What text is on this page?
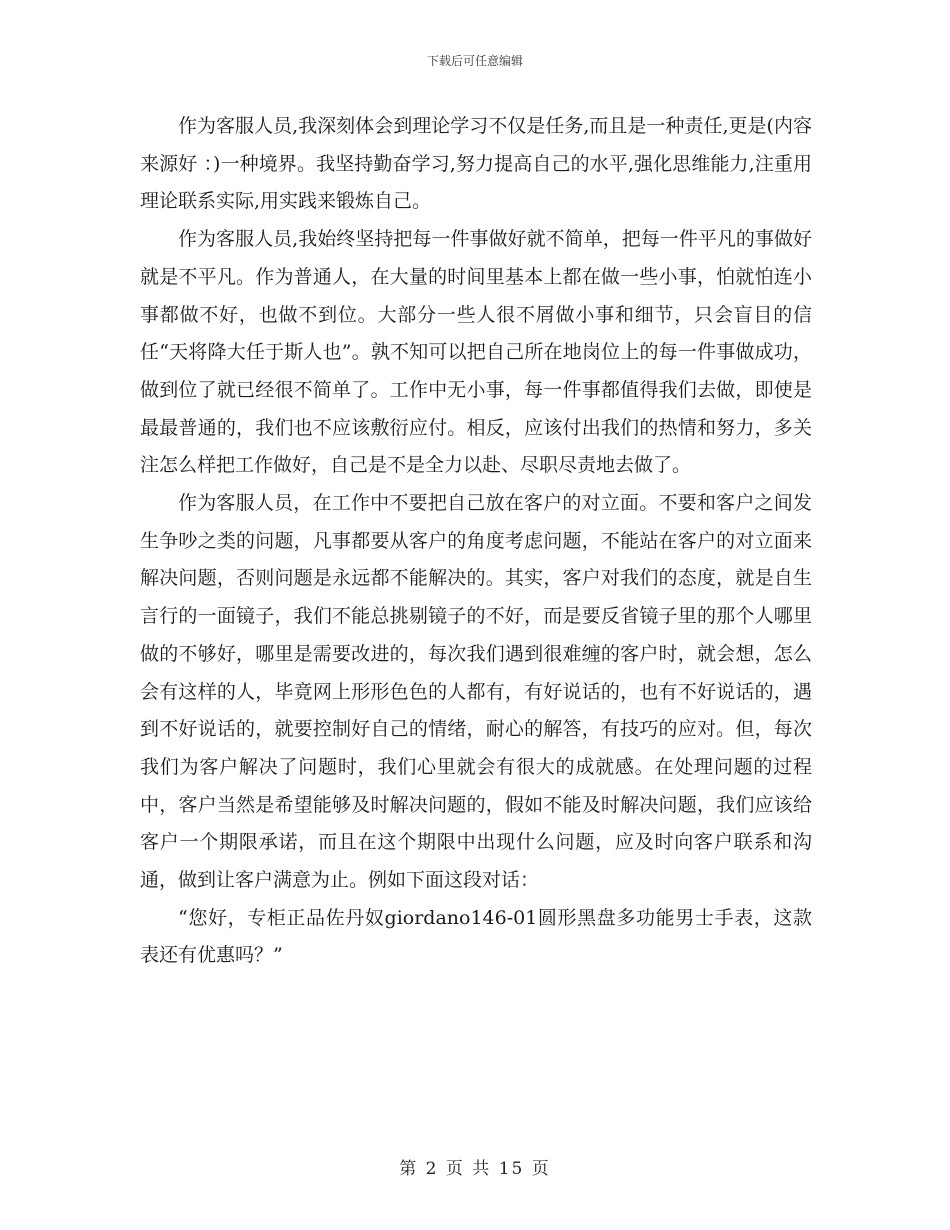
下载后可任意编辑

作为客服人员,我深刻体会到理论学习不仅是任务,而且是一种责任,更是(内容来源好 ：)一种境界。我坚持勤奋学习,努力提高自己的水平,强化思维能力,注重用理论联系实际,用实践来锻炼自己。

作为客服人员,我始终坚持把每一件事做好就不简单，把每一件平凡的事做好就是不平凡。作为普通人，在大量的时间里基本上都在做一些小事，怕就怕连小事都做不好，也做不到位。大部分一些人很不屑做小事和细节，只会盲目的信任“天将降大任于斯人也”。孰不知可以把自己所在地岗位上的每一件事做成功，做到位了就已经很不简单了。工作中无小事，每一件事都值得我们去做，即使是最最普通的，我们也不应该敷衍应付。相反，应该付出我们的热情和努力，多关注怎么样把工作做好，自己是不是全力以赴、尽职尽责地去做了。

作为客服人员，在工作中不要把自己放在客户的对立面。不要和客户之间发生争吵之类的问题，凡事都要从客户的角度考虑问题，不能站在客户的对立面来解决问题，否则问题是永远都不能解决的。其实，客户对我们的态度，就是自生言行的一面镜子，我们不能总挑剔镜子的不好，而是要反省镜子里的那个人哪里做的不够好，哪里是需要改进的，每次我们遇到很难缠的客户时，就会想，怎么会有这样的人，毕竟网上形形色色的人都有，有好说话的，也有不好说话的，遇到不好说话的，就要控制好自己的情绪，耐心的解答，有技巧的应对。但，每次我们为客户解决了问题时，我们心里就会有很大的成就感。在处理问题的过程中，客户当然是希望能够及时解决问题的，假如不能及时解决问题，我们应该给客户一个期限承诺，而且在这个期限中出现什么问题，应及时向客户联系和沟通，做到让客户满意为止。例如下面这段对话：

“您好，专柜正品佐丹奴giordano146-01圆形黑盘多功能男士手表，这款表还有优惠吗？”

第 2 页 共 15 页
